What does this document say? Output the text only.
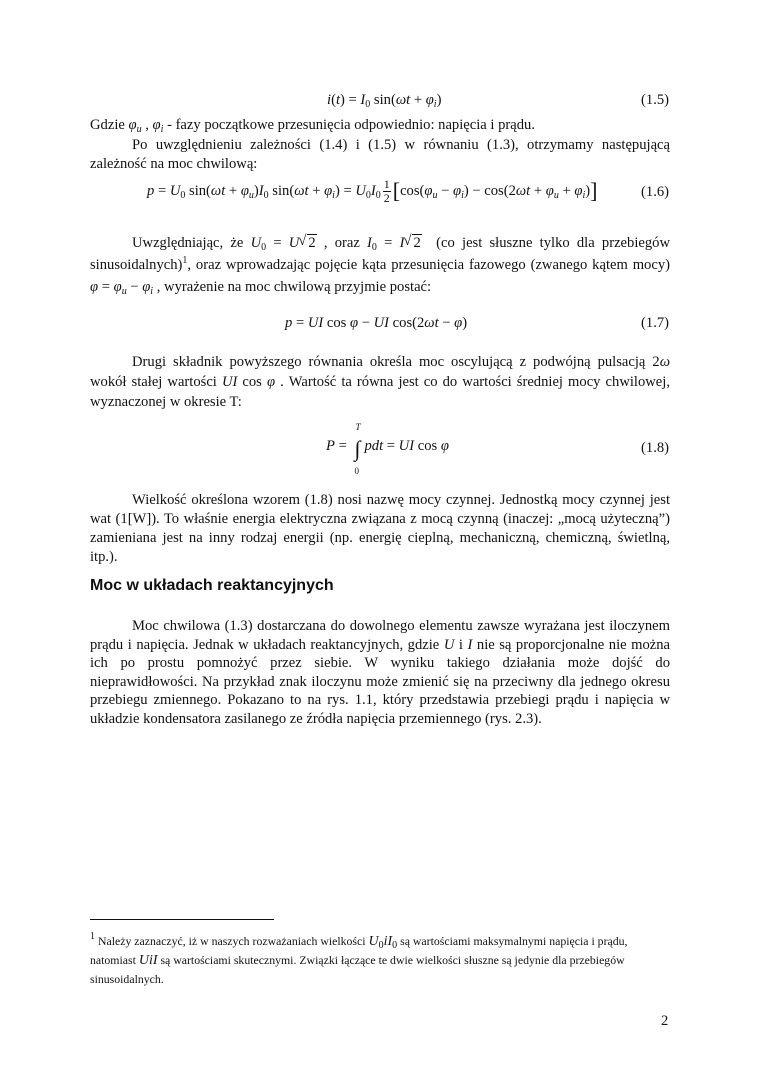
$i(t) = I_0$ $\sin(\omega t + \varphi_i)$	(1.5)
Gdzie $\varphi_u$ , $\varphi_i$ - fazy początkowe przesunięcia odpowiednio: napięcia i prądu.
Po uwzględnieniu zależności (1.4) i (1.5) w równaniu (1.3), otrzymamy następującą zależność na moc chwilową:
$p = U_0$ $\sin(\omega t + \varphi_u)I_0$ $\sin(\omega t + \varphi_i) = U_0I_0 \frac{1}{2} [\cos(\varphi_u - \varphi_i) - \cos(2\omega t + \varphi_u + \varphi_i)]$	(1.6)
Uwzględniając, że $U_0 = U√$ 2 , oraz $I_0 = I√$ 2 (co jest słuszne tylko dla przebiegów sinusoidalnych)$^1$, oraz wprowadzając pojęcie kąta przesunięcia fazowego (zwanego kątem mocy) $\varphi = \varphi_u - \varphi_i$ , wyrażenie na moc chwilową przyjmie postać:
p = UI cos φ − UI cos(2ωt − φ)	(1.7)
Drugi składnik powyższego równania określa moc oscylującą z podwójną pulsacją 2ω wokół stałej wartości UI cos φ . Wartość ta równa jest co do wartości średniej mocy chwilowej, wyznaczonej w okresie T:
P = ∫
T
0
pdt = UI cos φ	(1.8)
Wielkość określona wzorem (1.8) nosi nazwę mocy czynnej. Jednostką mocy czynnej jest wat (1[W]). To właśnie energia elektryczna związana z mocą czynną (inaczej: „mocą użyteczną”) zamieniana jest na inny rodzaj energii (np. energię cieplną, mechaniczną, chemiczną, świetlną, itp.).
Moc w układach reaktancyjnych
Moc chwilowa (1.3) dostarczana do dowolnego elementu zawsze wyrażana jest iloczynem prądu i napięcia. Jednak w układach reaktancyjnych, gdzie U i I nie są proporcjonalne nie można ich po prostu pomnożyć przez siebie. W wyniku takiego działania może dojść do nieprawidłowości. Na przykład znak iloczynu może zmienić się na przeciwny dla jednego okresu przebiegu zmiennego. Pokazano to na rys. 1.1, który przedstawia przebiegi prądu i napięcia w układzie kondensatora zasilanego ze źródła napięcia przemiennego (rys. 2.3).
$^1$ Należy zaznaczyć, iż w naszych rozważaniach wielkości $U_0iI_0$ są wartościami maksymalnymi napięcia i prądu, natomiast UiI są wartościami skutecznymi. Związki łączące te dwie wielkości słuszne są jedynie dla przebiegów sinusoidalnych.
2
